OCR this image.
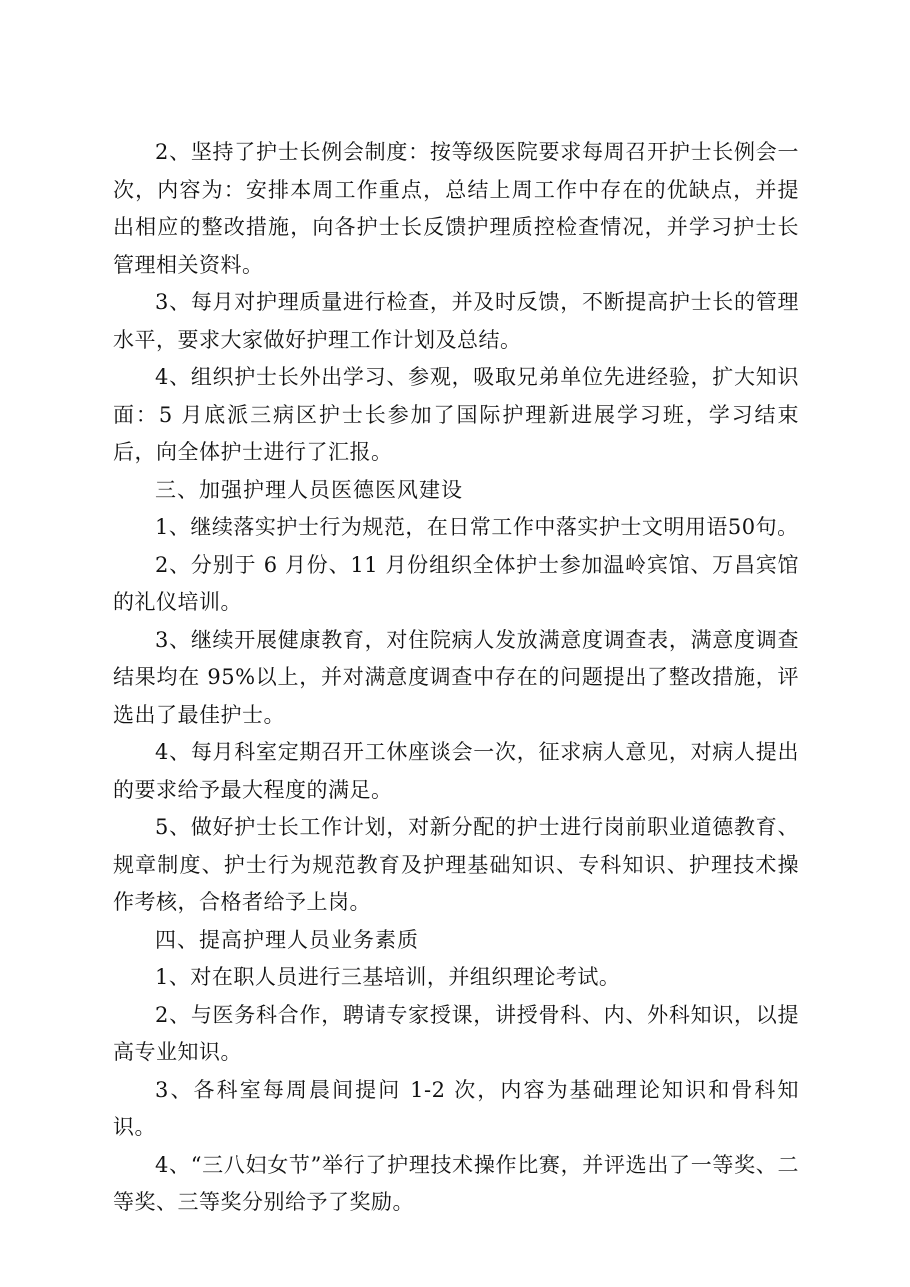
2、坚持了护士长例会制度：按等级医院要求每周召开护士长例会一次，内容为：安排本周工作重点，总结上周工作中存在的优缺点，并提出相应的整改措施，向各护士长反馈护理质控检查情况，并学习护士长管理相关资料。

3、每月对护理质量进行检查，并及时反馈，不断提高护士长的管理水平，要求大家做好护理工作计划及总结。

4、组织护士长外出学习、参观，吸取兄弟单位先进经验，扩大知识面：5 月底派三病区护士长参加了国际护理新进展学习班，学习结束后，向全体护士进行了汇报。

三、加强护理人员医德医风建设

1、继续落实护士行为规范，在日常工作中落实护士文明用语50句。

2、分别于 6 月份、11 月份组织全体护士参加温岭宾馆、万昌宾馆的礼仪培训。

3、继续开展健康教育，对住院病人发放满意度调查表，满意度调查结果均在 95%以上，并对满意度调查中存在的问题提出了整改措施，评选出了最佳护士。

4、每月科室定期召开工休座谈会一次，征求病人意见，对病人提出的要求给予最大程度的满足。

5、做好护士长工作计划，对新分配的护士进行岗前职业道德教育、规章制度、护士行为规范教育及护理基础知识、专科知识、护理技术操作考核，合格者给予上岗。

四、提高护理人员业务素质

1、对在职人员进行三基培训，并组织理论考试。

2、与医务科合作，聘请专家授课，讲授骨科、内、外科知识，以提高专业知识。

3、各科室每周晨间提问 1-2 次，内容为基础理论知识和骨科知识。

4、“三八妇女节”举行了护理技术操作比赛，并评选出了一等奖、二等奖、三等奖分别给予了奖励。
